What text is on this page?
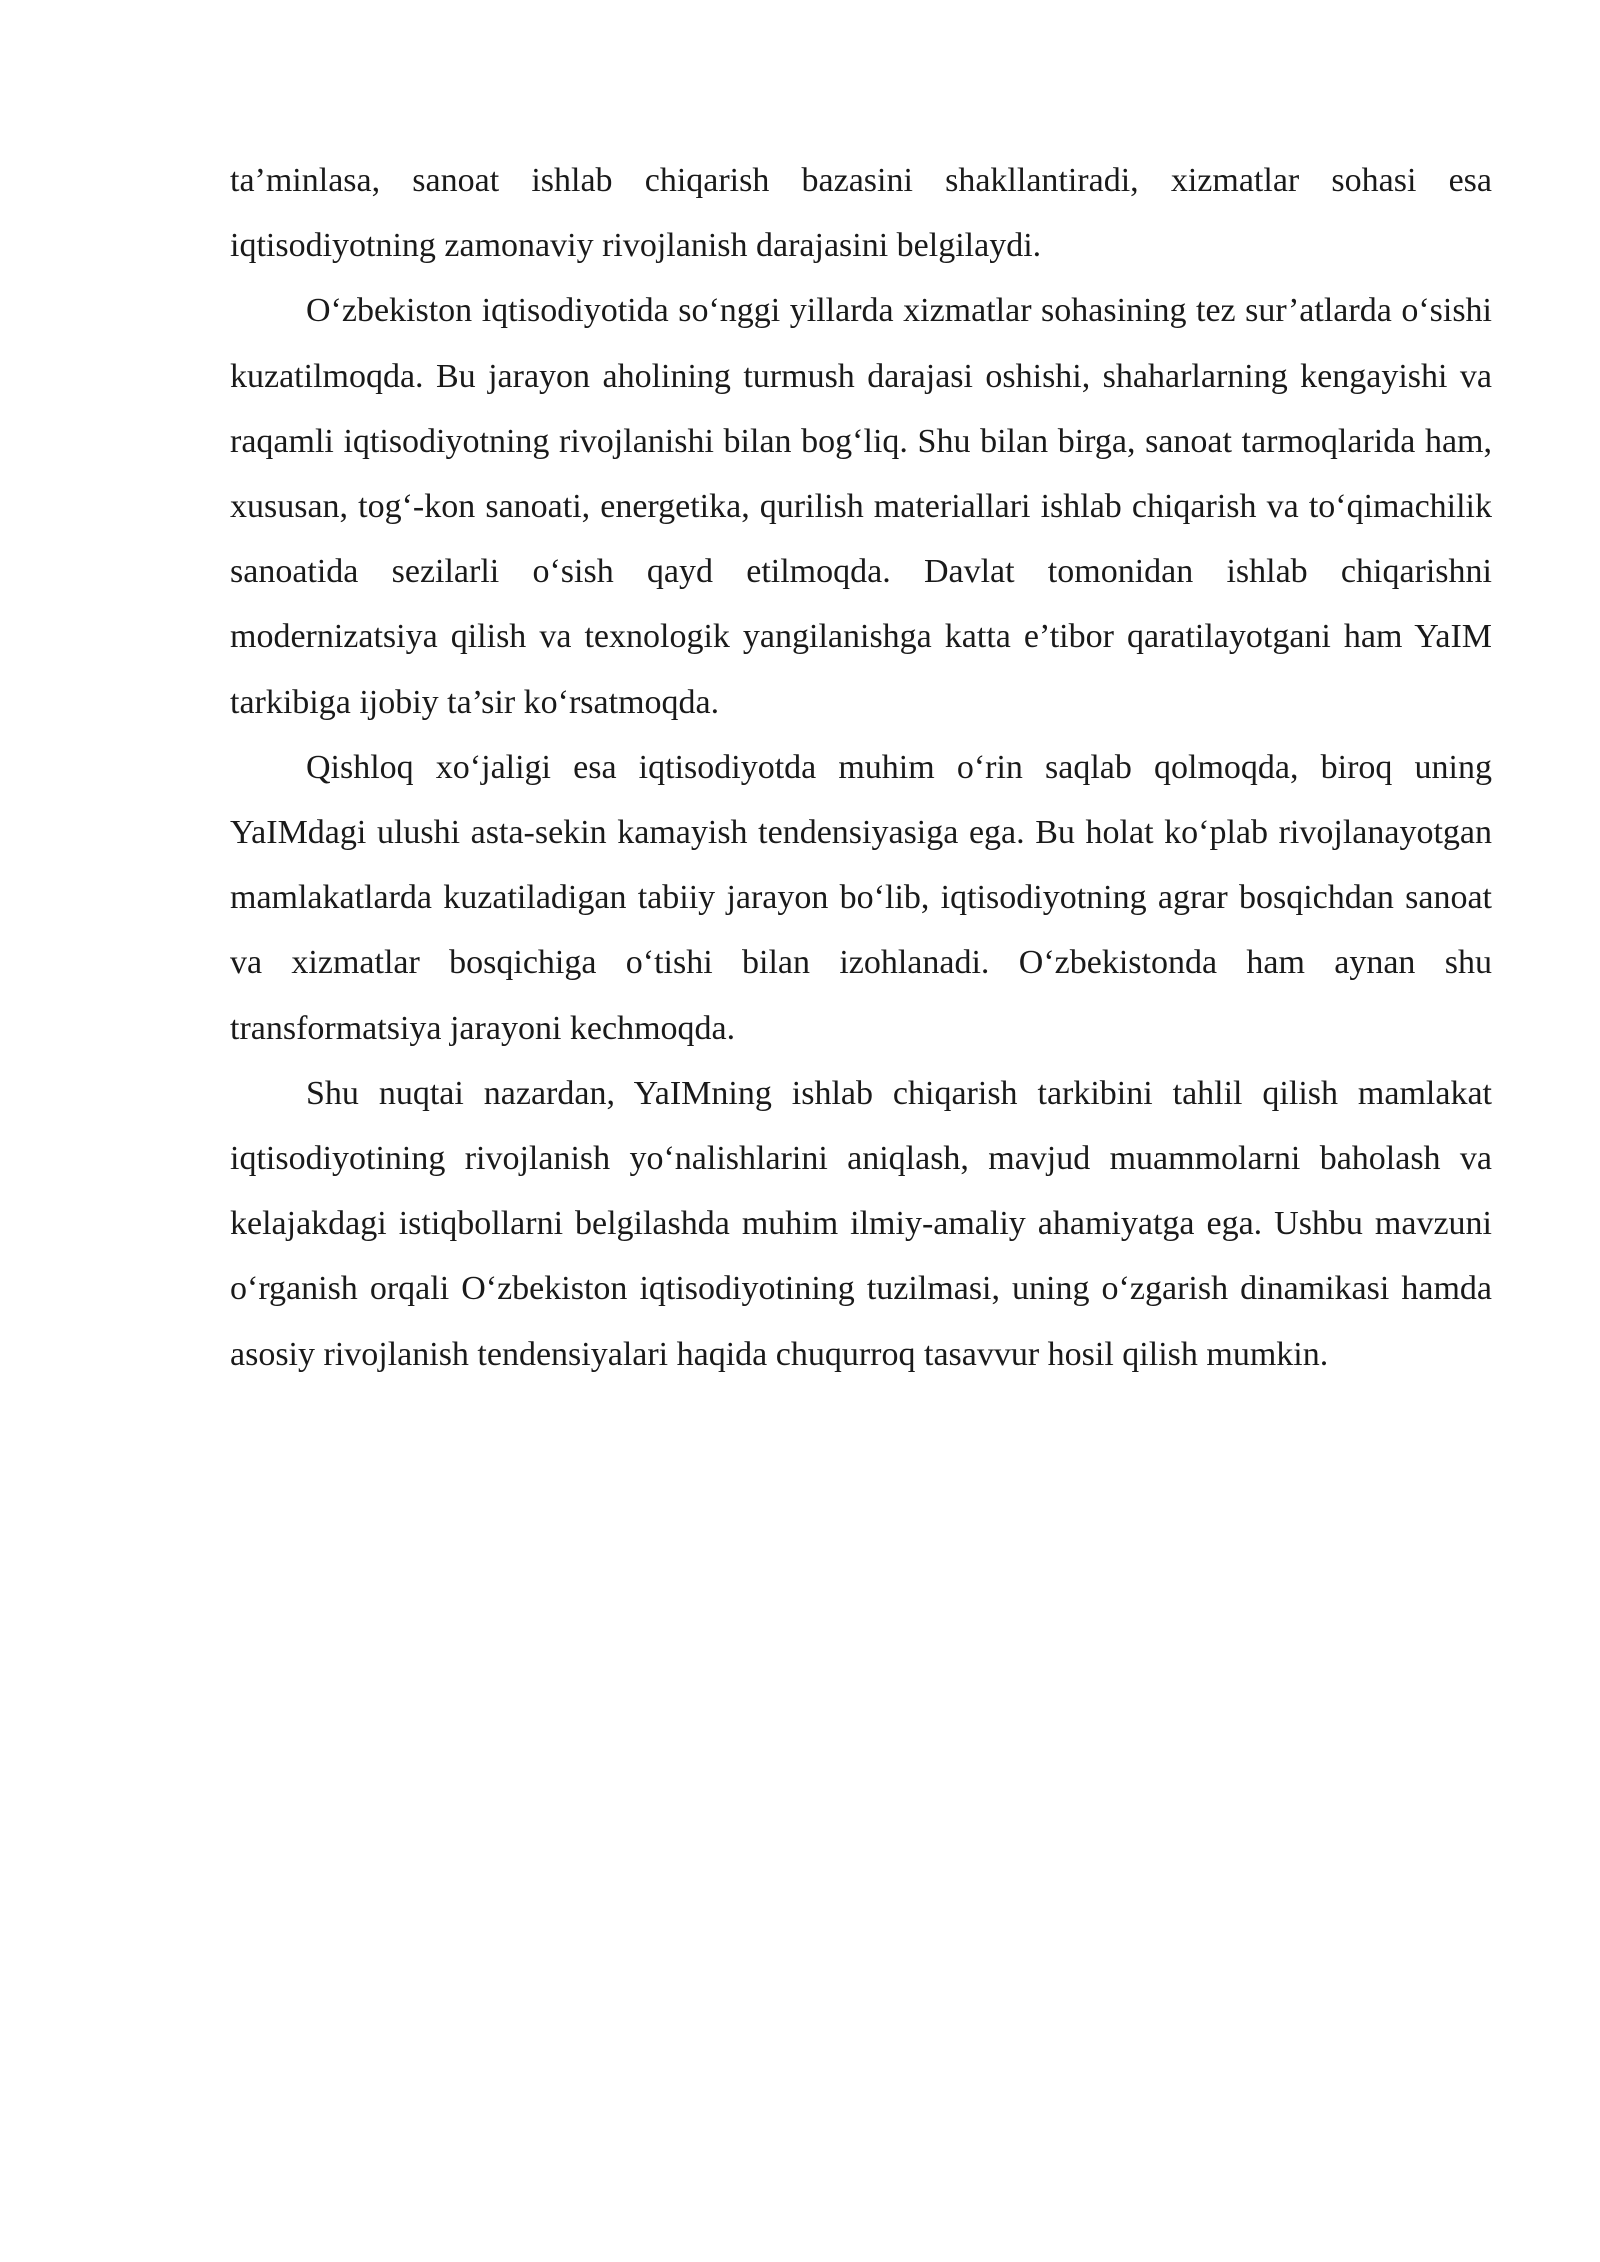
ta’minlasa, sanoat ishlab chiqarish bazasini shakllantiradi, xizmatlar sohasi esa iqtisodiyotning zamonaviy rivojlanish darajasini belgilaydi.

O‘zbekiston iqtisodiyotida so‘nggi yillarda xizmatlar sohasining tez sur’atlarda o‘sishi kuzatilmoqda. Bu jarayon aholining turmush darajasi oshishi, shaharlarning kengayishi va raqamli iqtisodiyotning rivojlanishi bilan bog‘liq. Shu bilan birga, sanoat tarmoqlarida ham, xususan, tog‘-kon sanoati, energetika, qurilish materiallari ishlab chiqarish va to‘qimachilik sanoatida sezilarli o‘sish qayd etilmoqda. Davlat tomonidan ishlab chiqarishni modernizatsiya qilish va texnologik yangilanishga katta e’tibor qaratilayotgani ham YaIM tarkibiga ijobiy ta’sir ko‘rsatmoqda.

Qishloq xo‘jaligi esa iqtisodiyotda muhim o‘rin saqlab qolmoqda, biroq uning YaIMdagi ulushi asta-sekin kamayish tendensiyasiga ega. Bu holat ko‘plab rivojlanayotgan mamlakatlarda kuzatiladigan tabiiy jarayon bo‘lib, iqtisodiyotning agrar bosqichdan sanoat va xizmatlar bosqichiga o‘tishi bilan izohlanadi. O‘zbekistonda ham aynan shu transformatsiya jarayoni kechmoqda.

Shu nuqtai nazardan, YaIMning ishlab chiqarish tarkibini tahlil qilish mamlakat iqtisodiyotining rivojlanish yo‘nalishlarini aniqlash, mavjud muammolarni baholash va kelajakdagi istiqbollarni belgilashda muhim ilmiy-amaliy ahamiyatga ega. Ushbu mavzuni o‘rganish orqali O‘zbekiston iqtisodiyotining tuzilmasi, uning o‘zgarish dinamikasi hamda asosiy rivojlanish tendensiyalari haqida chuqurroq tasavvur hosil qilish mumkin.
